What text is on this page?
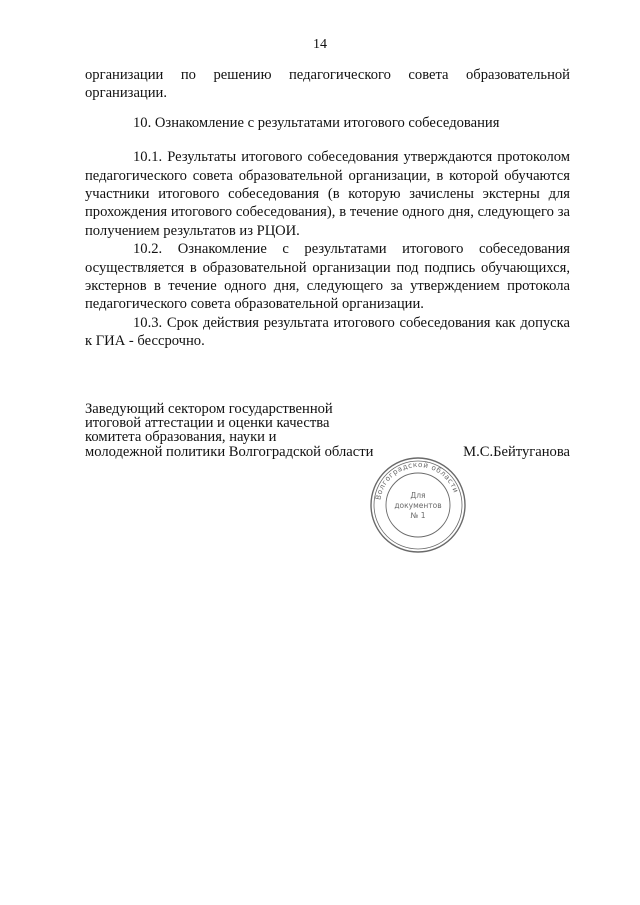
14

организации по решению педагогического совета образовательной организации.

10. Ознакомление с результатами итогового собеседования

10.1. Результаты итогового собеседования утверждаются протоколом педагогического совета образовательной организации, в которой обучаются участники итогового собеседования (в которую зачислены экстерны для прохождения итогового собеседования), в течение одного дня, следующего за получением результатов из РЦОИ.

10.2. Ознакомление с результатами итогового собеседования осуществляется в образовательной организации под подпись обучающихся, экстернов в течение одного дня, следующего за утверждением протокола педагогического совета образовательной организации.

10.3. Срок действия результата итогового собеседования как допуска к ГИА - бессрочно.

Заведующий сектором государственной
итоговой аттестации и оценки качества
комитета образования, науки и
молодежной политики Волгоградской области	М.С.Бейтуганова
Волгоградской области
Для
документов
№ 1
